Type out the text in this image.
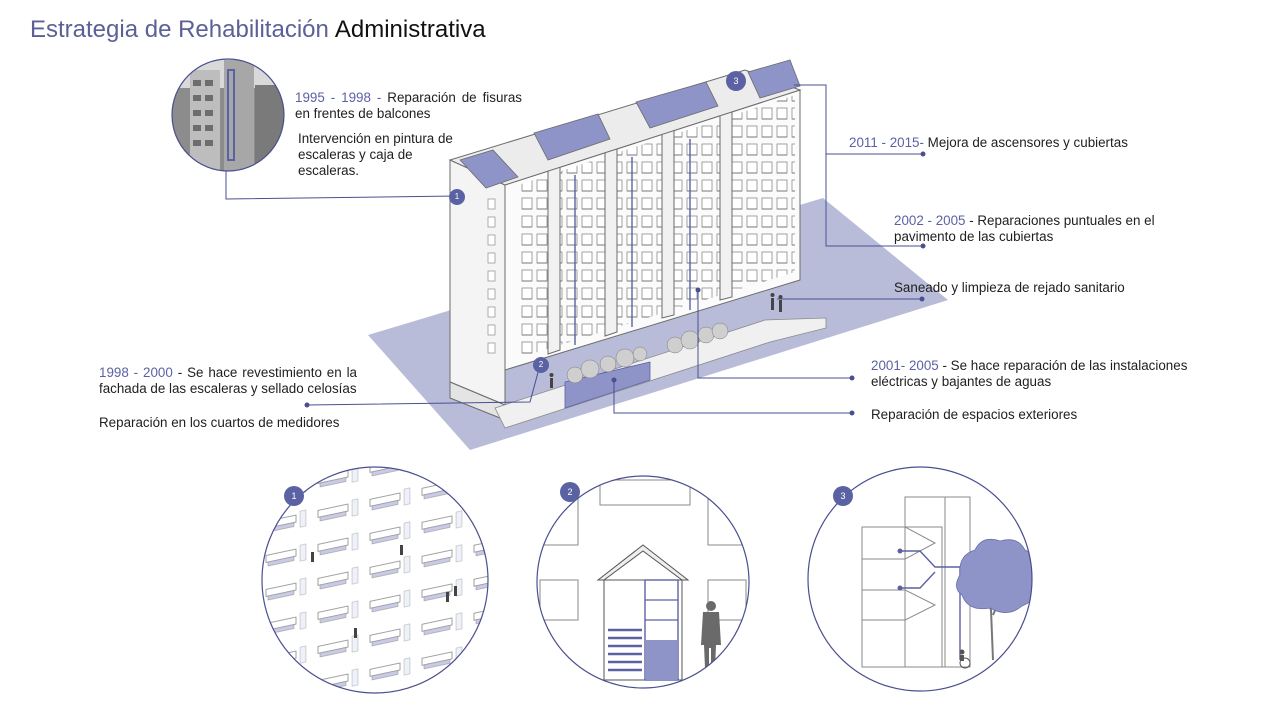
Estrategia de Rehabilitación Administrativa
1
2
3
1	2	3
1995 - 1998 - Reparación de fisuras en frentes de balcones
Intervención en pintura de escaleras y caja de escaleras.
2011 - 2015- Mejora de ascensores y cubiertas
2002 - 2005 - Reparaciones puntuales en el pavimento de las cubiertas
Saneado y limpieza de rejado sanitario
1998 - 2000 - Se hace revestimiento en la fachada de las escaleras y sellado celosías
Reparación en los cuartos de medidores
2001- 2005 - Se hace reparación de las instalaciones eléctricas y bajantes de aguas
Reparación de espacios exteriores
